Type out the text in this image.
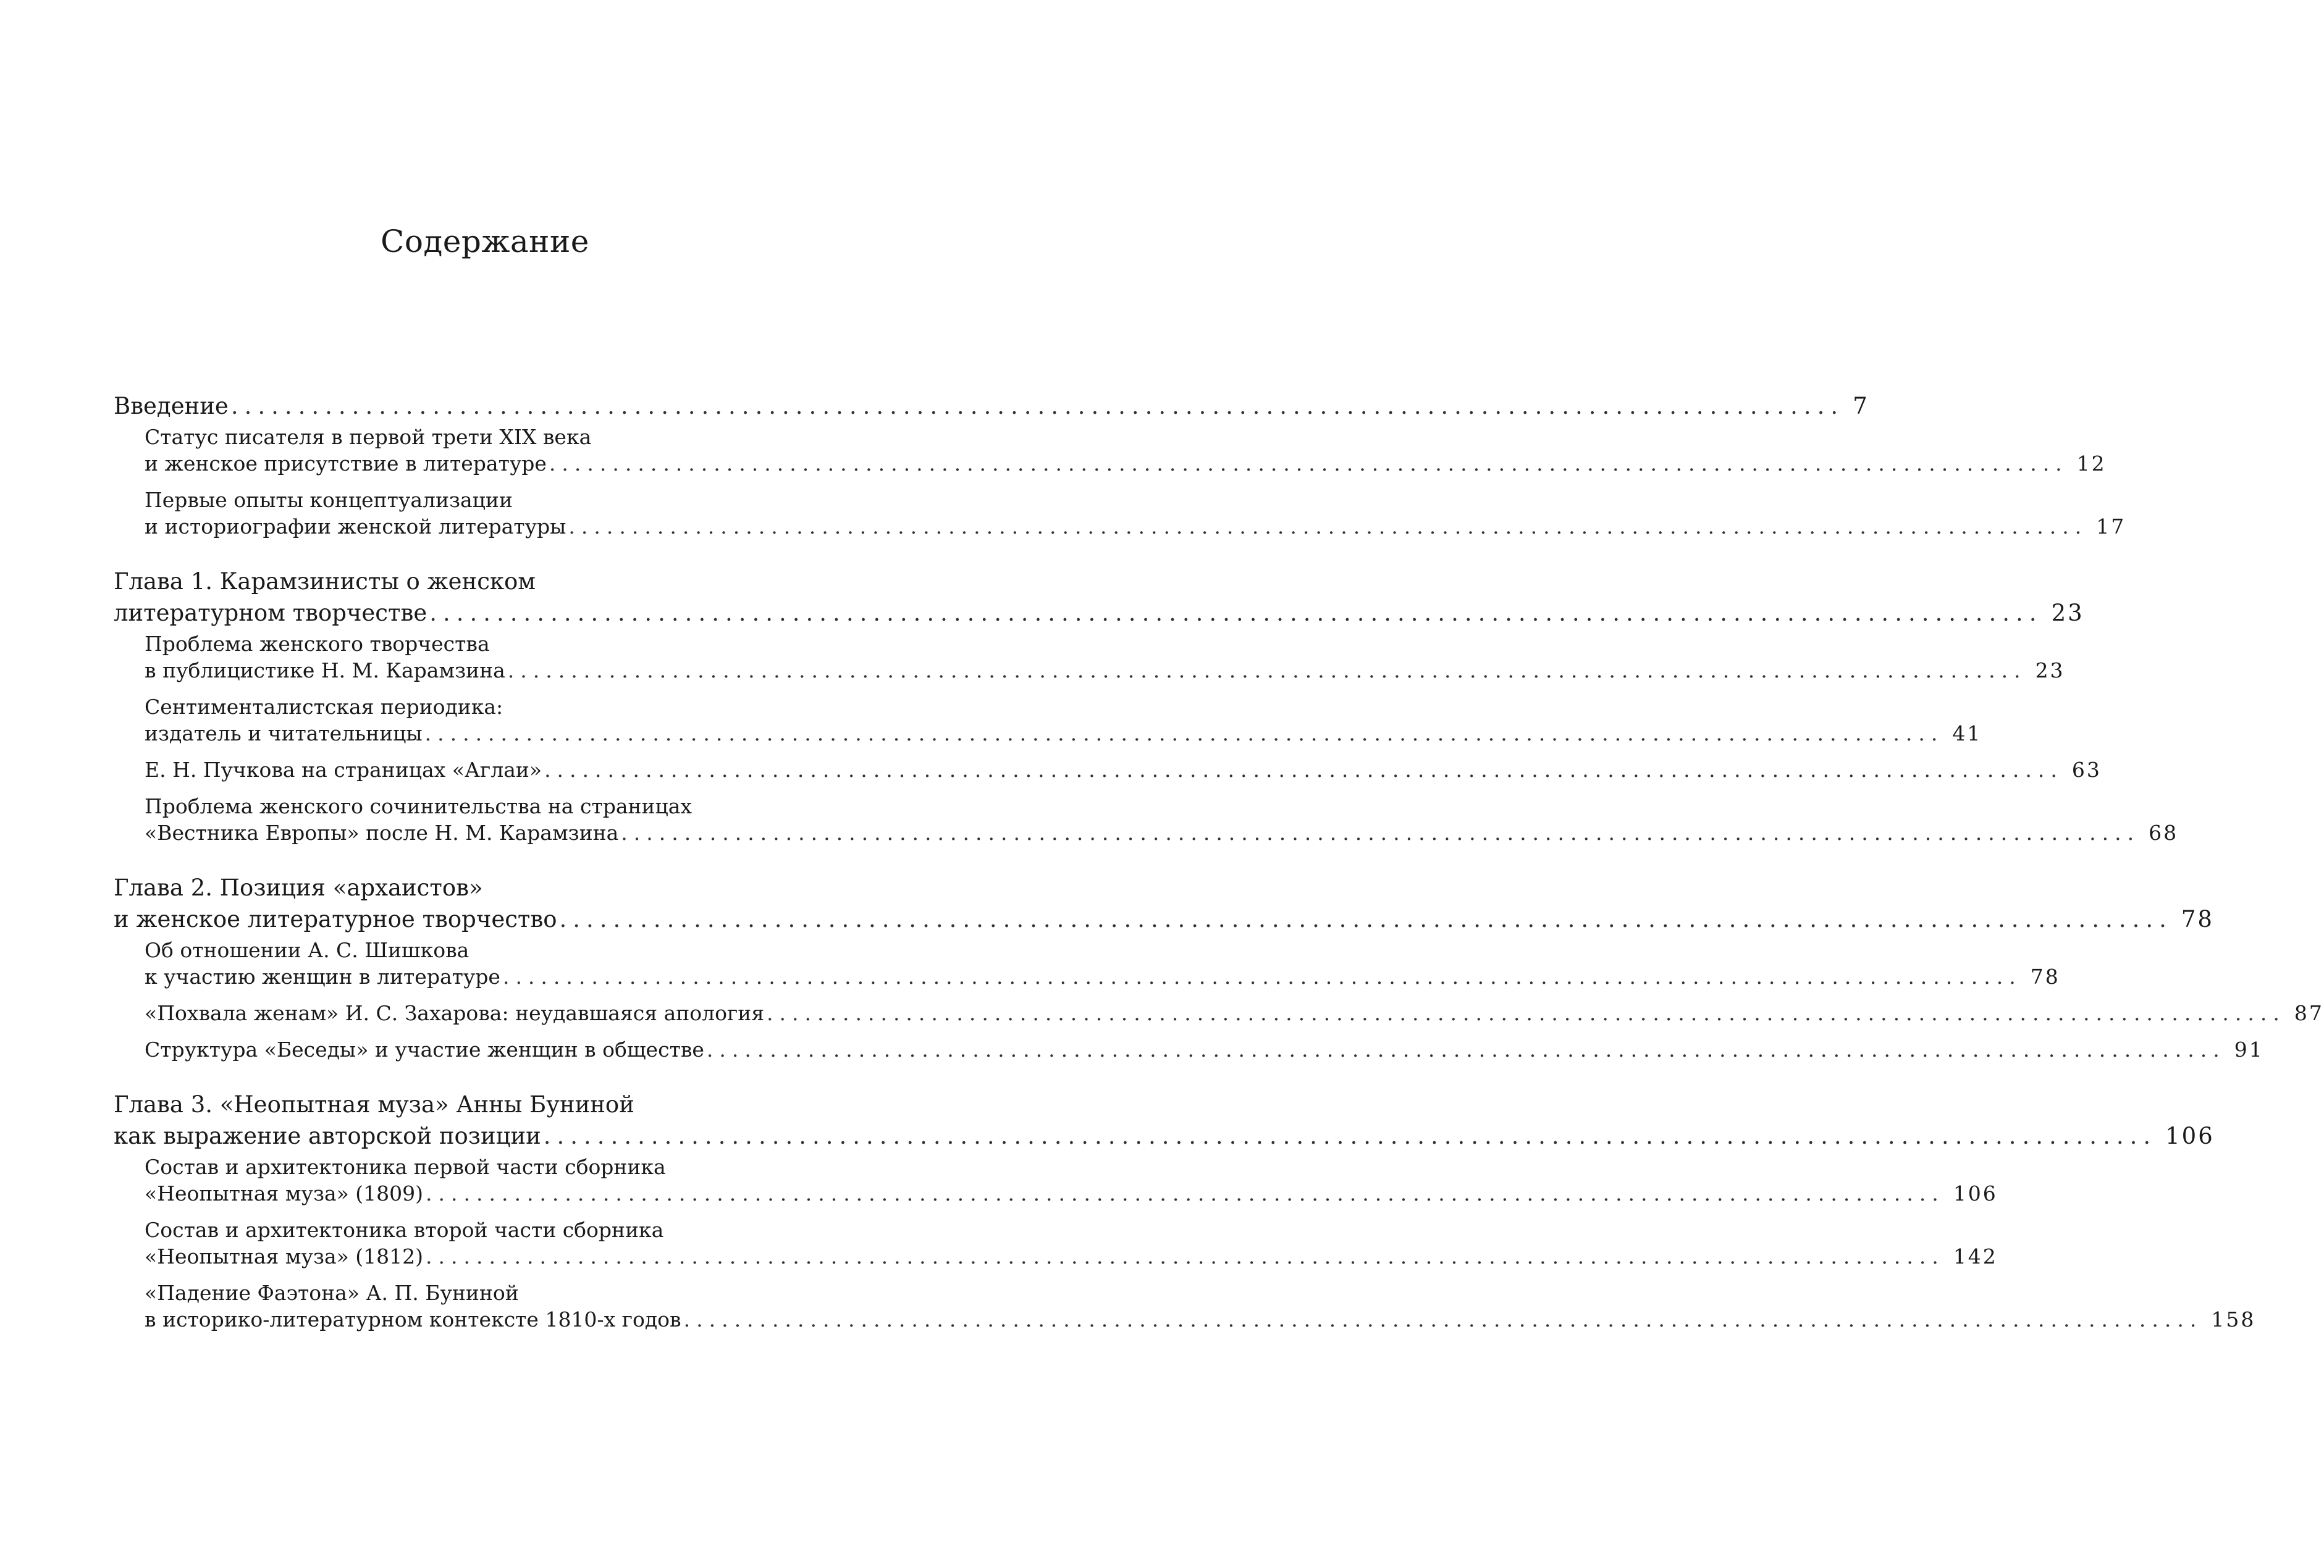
Содержание
Введение ........................................................................................................................ 7
Статус писателя в первой трети XIX века
и женское присутствие в литературе ........................................................................................................................ 12
Первые опыты концептуализации
и историографии женской литературы ........................................................................................................................ 17
Глава 1. Карамзинисты о женском
литературном творчестве ........................................................................................................................ 23
Проблема женского творчества
в публицистике Н. М. Карамзина ........................................................................................................................ 23
Сентименталистская периодика:
издатель и читательницы ........................................................................................................................ 41
Е. Н. Пучкова на страницах «Аглаи» ........................................................................................................................ 63
Проблема женского сочинительства на страницах
«Вестника Европы» после Н. М. Карамзина ........................................................................................................................ 68
Глава 2. Позиция «архаистов»
и женское литературное творчество ........................................................................................................................ 78
Об отношении А. С. Шишкова
к участию женщин в литературе ........................................................................................................................ 78
«Похвала женам» И. С. Захарова: неудавшаяся апология ........................................................................................................................ 87
Структура «Беседы» и участие женщин в обществе ........................................................................................................................ 91
Глава 3. «Неопытная муза» Анны Буниной
как выражение авторской позиции ........................................................................................................................ 106
Состав и архитектоника первой части сборника
«Неопытная муза» (1809) ........................................................................................................................ 106
Состав и архитектоника второй части сборника
«Неопытная муза» (1812) ........................................................................................................................ 142
«Падение Фаэтона» А. П. Буниной
в историко-литературном контексте 1810-х годов ........................................................................................................................ 158
